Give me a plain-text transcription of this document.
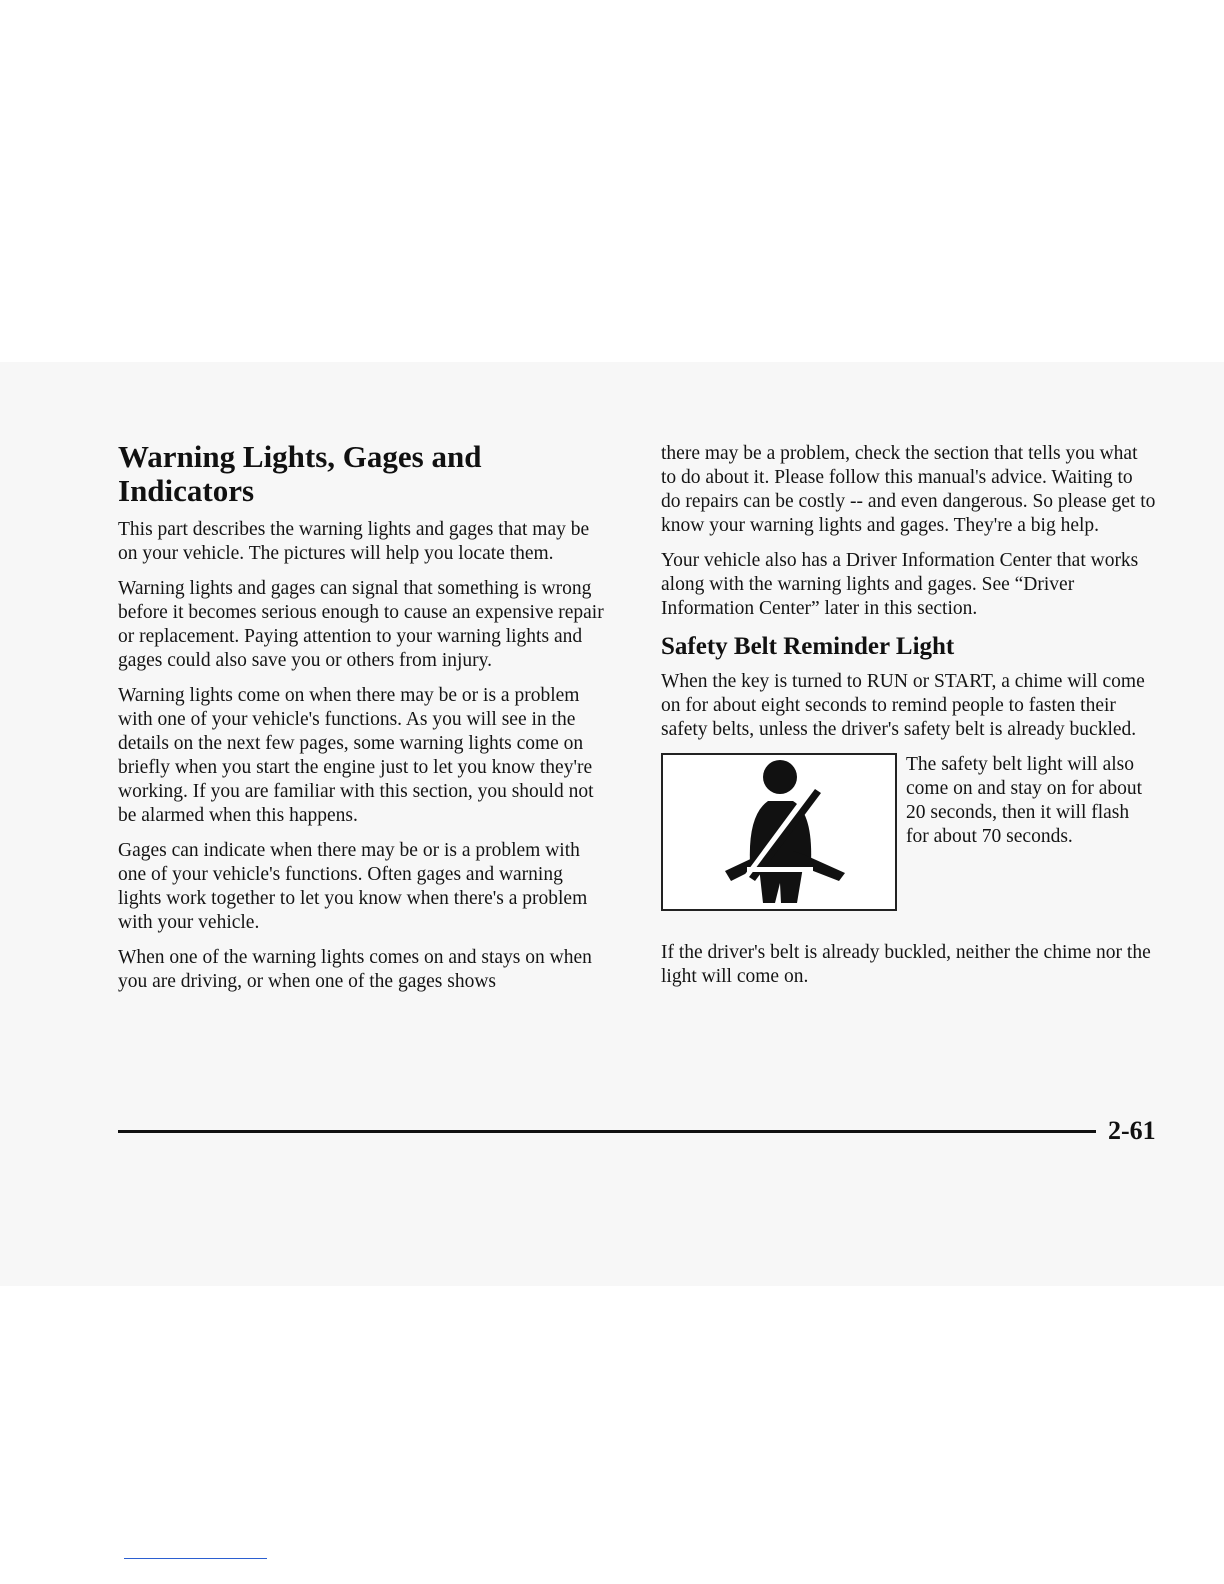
Warning Lights, Gages and Indicators

This part describes the warning lights and gages that may be on your vehicle. The pictures will help you locate them.

Warning lights and gages can signal that something is wrong before it becomes serious enough to cause an expensive repair or replacement. Paying attention to your warning lights and gages could also save you or others from injury.

Warning lights come on when there may be or is a problem with one of your vehicle's functions. As you will see in the details on the next few pages, some warning lights come on briefly when you start the engine just to let you know they're working. If you are familiar with this section, you should not be alarmed when this happens.

Gages can indicate when there may be or is a problem with one of your vehicle's functions. Often gages and warning lights work together to let you know when there's a problem with your vehicle.

When one of the warning lights comes on and stays on when you are driving, or when one of the gages shows

there may be a problem, check the section that tells you what to do about it. Please follow this manual's advice. Waiting to do repairs can be costly -- and even dangerous. So please get to know your warning lights and gages. They're a big help.

Your vehicle also has a Driver Information Center that works along with the warning lights and gages. See “Driver Information Center” later in this section.

Safety Belt Reminder Light

When the key is turned to RUN or START, a chime will come on for about eight seconds to remind people to fasten their safety belts, unless the driver's safety belt is already buckled.

The safety belt light will also come on and stay on for about 20 seconds, then it will flash for about 70 seconds.

If the driver's belt is already buckled, neither the chime nor the light will come on.

2-61
